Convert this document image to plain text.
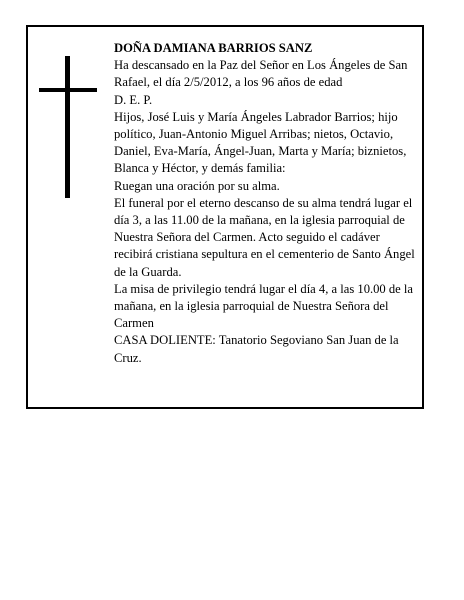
DOÑA DAMIANA BARRIOS SANZ

Ha descansado en la Paz del Señor en Los Ángeles de San Rafael, el día 2/5/2012, a los 96 años de edad

D. E. P.

Hijos, José Luis y María Ángeles Labrador Barrios; hijo político, Juan-Antonio Miguel Arribas; nietos, Octavio, Daniel, Eva-María, Ángel-Juan, Marta y María; biznietos, Blanca y Héctor, y demás familia:

Ruegan una oración por su alma.

El funeral por el eterno descanso de su alma tendrá lugar el día 3, a las 11.00 de la mañana, en la iglesia parroquial de Nuestra Señora del Carmen. Acto seguido el cadáver recibirá cristiana sepultura en el cementerio de Santo Ángel de la Guarda.

La misa de privilegio tendrá lugar el día 4, a las 10.00 de la mañana, en la iglesia parroquial de Nuestra Señora del Carmen

CASA DOLIENTE: Tanatorio Segoviano San Juan de la Cruz.
